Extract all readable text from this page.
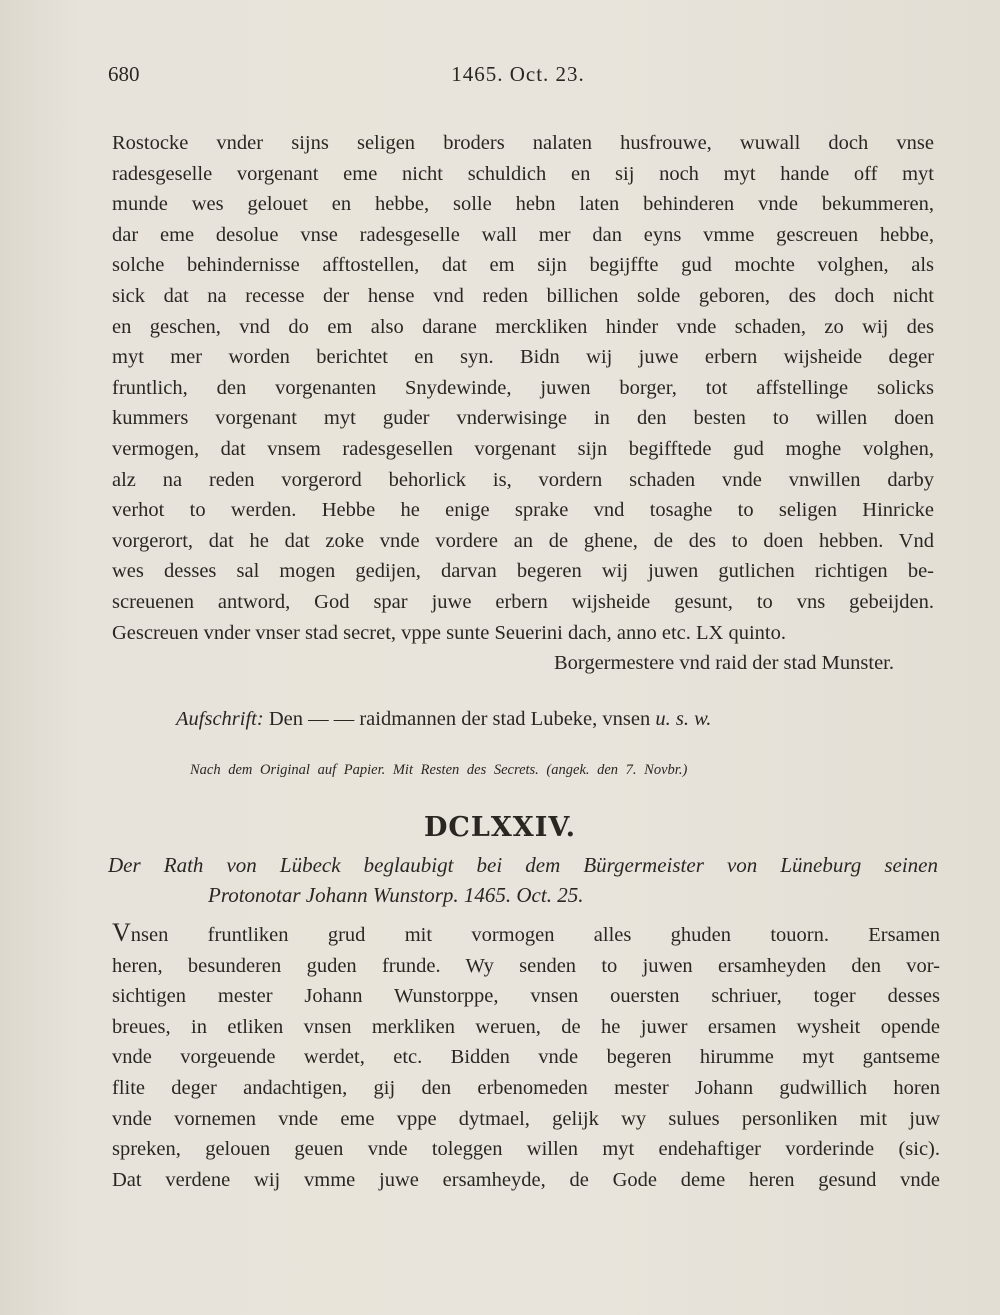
680	1465. Oct. 23.
Rostocke vnder sijns seligen broders nalaten husfrouwe, wuwall doch vnse
radesgeselle vorgenant eme nicht schuldich en sij noch myt hande off myt
munde wes gelouet en hebbe, solle hebn laten behinderen vnde bekummeren,
dar eme desolue vnse radesgeselle wall mer dan eyns vmme gescreuen hebbe,
solche behindernisse afftostellen, dat em sijn begijffte gud mochte volghen, als
sick dat na recesse der hense vnd reden billichen solde geboren, des doch nicht
en geschen, vnd do em also darane merckliken hinder vnde schaden, zo wij des
myt mer worden berichtet en syn. Bidn wij juwe erbern wijsheide deger
fruntlich, den vorgenanten Snydewinde, juwen borger, tot affstellinge solicks
kummers vorgenant myt guder vnderwisinge in den besten to willen doen
vermogen, dat vnsem radesgesellen vorgenant sijn begifftede gud moghe volghen,
alz na reden vorgerord behorlick is, vordern schaden vnde vnwillen darby
verhot to werden. Hebbe he enige sprake vnd tosaghe to seligen Hinricke
vorgerort, dat he dat zoke vnde vordere an de ghene, de des to doen hebben. Vnd
wes desses sal mogen gedijen, darvan begeren wij juwen gutlichen richtigen be-
screuenen antword, God spar juwe erbern wijsheide gesunt, to vns gebeijden.
Gescreuen vnder vnser stad secret, vppe sunte Seuerini dach, anno etc. LX quinto.
Borgermestere vnd raid der stad Munster.
Aufschrift: Den — — raidmannen der stad Lubeke, vnsen u. s. w.
Nach dem Original auf Papier. Mit Resten des Secrets. (angek. den 7. Novbr.)
DCLXXIV.
Der Rath von Lübeck beglaubigt bei dem Bürgermeister von Lüneburg seinen
Protonotar Johann Wunstorp. 1465. Oct. 25.
Vnsen fruntliken grud mit vormogen alles ghuden touorn. Ersamen
heren, besunderen guden frunde. Wy senden to juwen ersamheyden den vor-
sichtigen mester Johann Wunstorppe, vnsen ouersten schriuer, toger desses
breues, in etliken vnsen merkliken weruen, de he juwer ersamen wysheit opende
vnde vorgeuende werdet, etc. Bidden vnde begeren hirumme myt gantseme
flite deger andachtigen, gij den erbenomeden mester Johann gudwillich horen
vnde vornemen vnde eme vppe dytmael, gelijk wy sulues personliken mit juw
spreken, gelouen geuen vnde toleggen willen myt endehaftiger vorderinde (sic).
Dat verdene wij vmme juwe ersamheyde, de Gode deme heren gesund vnde
